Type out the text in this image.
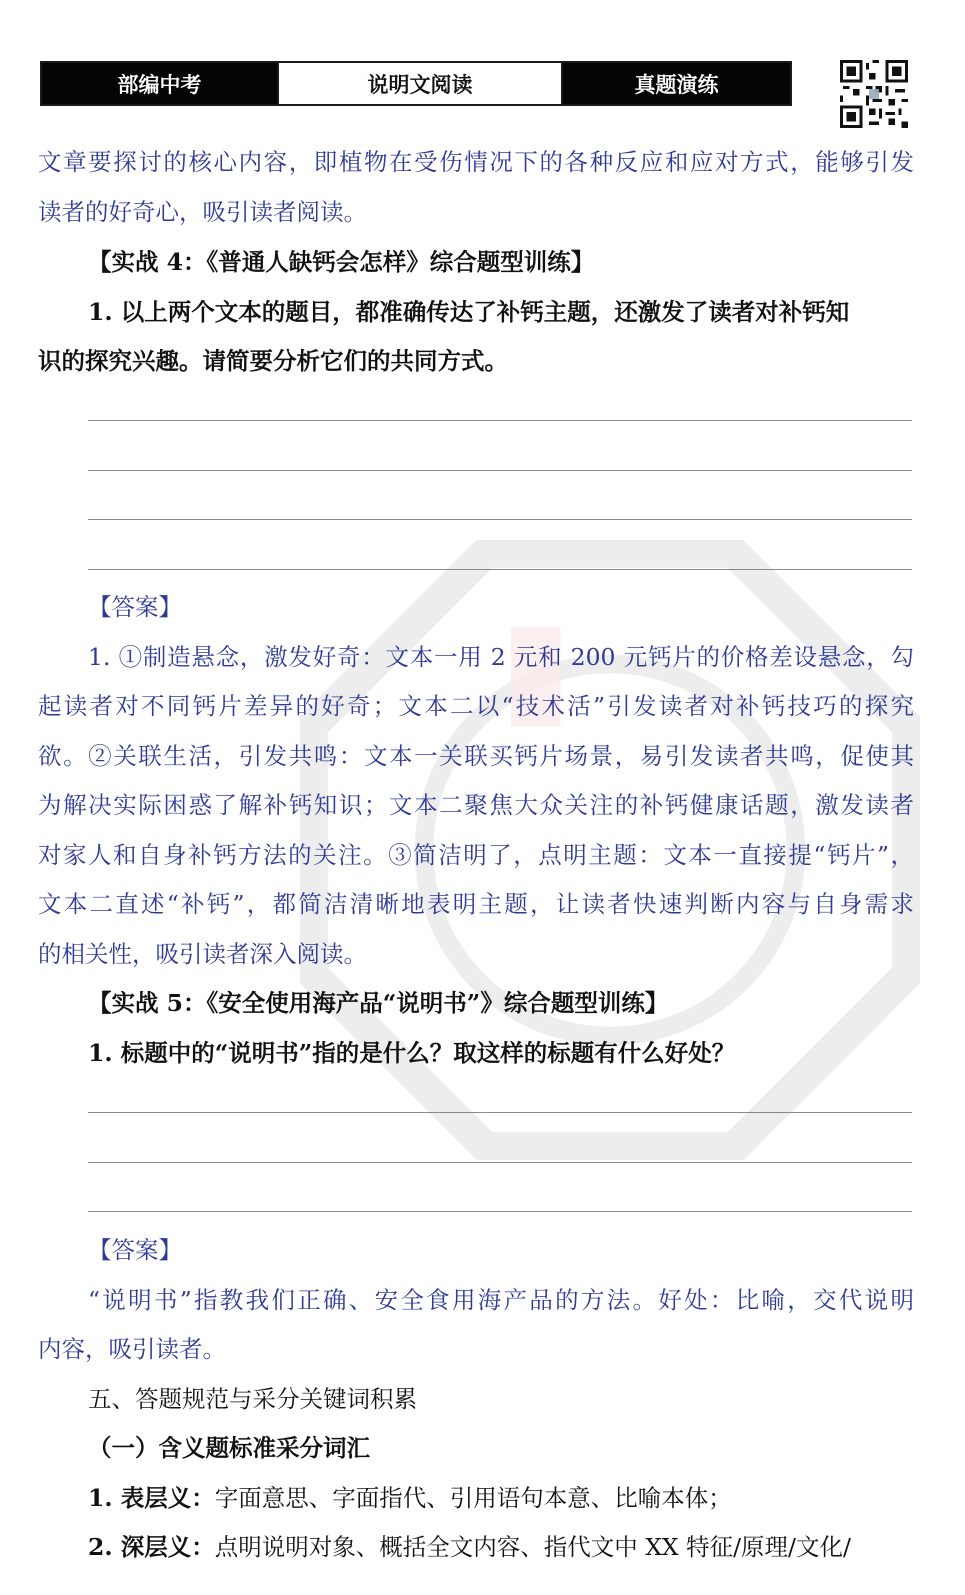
部编中考	说明文阅读	真题演练
文章要探讨的核心内容，即植物在受伤情况下的各种反应和应对方式，能够引发
读者的好奇心，吸引读者阅读。
【实战 4：《普通人缺钙会怎样》综合题型训练】
1. 以上两个文本的题目，都准确传达了补钙主题，还激发了读者对补钙知
识的探究兴趣。请简要分析它们的共同方式。
【答案】
1. ①制造悬念，激发好奇：文本一用 2 元和 200 元钙片的价格差设悬念，勾
起读者对不同钙片差异的好奇；文本二以“技术活”引发读者对补钙技巧的探究
欲。②关联生活，引发共鸣：文本一关联买钙片场景，易引发读者共鸣，促使其
为解决实际困惑了解补钙知识；文本二聚焦大众关注的补钙健康话题，激发读者
对家人和自身补钙方法的关注。③简洁明了，点明主题：文本一直接提“钙片”，
文本二直述“补钙”，都简洁清晰地表明主题，让读者快速判断内容与自身需求
的相关性，吸引读者深入阅读。
【实战 5：《安全使用海产品“说明书”》综合题型训练】
1. 标题中的“说明书”指的是什么？取这样的标题有什么好处？
【答案】
“说明书”指教我们正确、安全食用海产品的方法。好处：比喻，交代说明
内容，吸引读者。
五、答题规范与采分关键词积累
（一）含义题标准采分词汇
1. 表层义：字面意思、字面指代、引用语句本意、比喻本体；
2. 深层义：点明说明对象、概括全文内容、指代文中 XX 特征/原理/文化/
